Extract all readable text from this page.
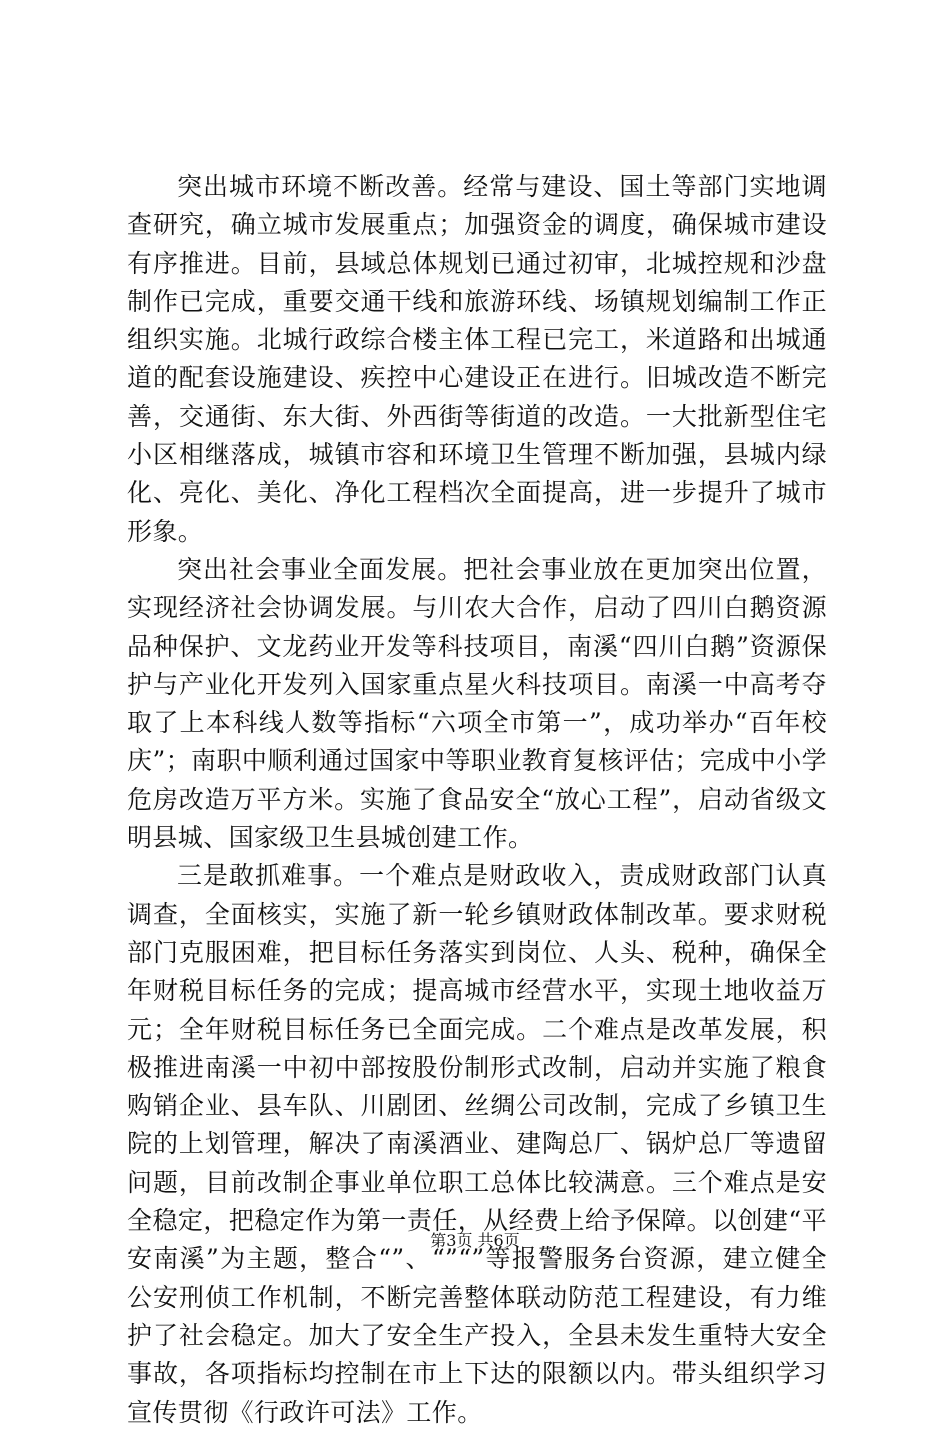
突出城市环境不断改善。经常与建设、国土等部门实地调查研究，确立城市发展重点；加强资金的调度，确保城市建设有序推进。目前，县域总体规划已通过初审，北城控规和沙盘制作已完成，重要交通干线和旅游环线、场镇规划编制工作正组织实施。北城行政综合楼主体工程已完工，米道路和出城通道的配套设施建设、疾控中心建设正在进行。旧城改造不断完善，交通街、东大街、外西街等街道的改造。一大批新型住宅小区相继落成，城镇市容和环境卫生管理不断加强，县城内绿化、亮化、美化、净化工程档次全面提高，进一步提升了城市形象。

突出社会事业全面发展。把社会事业放在更加突出位置，实现经济社会协调发展。与川农大合作，启动了四川白鹅资源品种保护、文龙药业开发等科技项目，南溪“四川白鹅”资源保护与产业化开发列入国家重点星火科技项目。南溪一中高考夺取了上本科线人数等指标“六项全市第一”，成功举办“百年校庆”；南职中顺利通过国家中等职业教育复核评估；完成中小学危房改造万平方米。实施了食品安全“放心工程”，启动省级文明县城、国家级卫生县城创建工作。

三是敢抓难事。一个难点是财政收入，责成财政部门认真调查，全面核实，实施了新一轮乡镇财政体制改革。要求财税部门克服困难，把目标任务落实到岗位、人头、税种，确保全年财税目标任务的完成；提高城市经营水平，实现土地收益万元；全年财税目标任务已全面完成。二个难点是改革发展，积极推进南溪一中初中部按股份制形式改制，启动并实施了粮食购销企业、县车队、川剧团、丝绸公司改制，完成了乡镇卫生院的上划管理，解决了南溪酒业、建陶总厂、锅炉总厂等遗留问题，目前改制企事业单位职工总体比较满意。三个难点是安全稳定，把稳定作为第一责任，从经费上给予保障。以创建“平安南溪”为主题，整合“”、“”“”等报警服务台资源，建立健全公安刑侦工作机制，不断完善整体联动防范工程建设，有力维护了社会稳定。加大了安全生产投入，全县未发生重特大安全事故，各项指标均控制在市上下达的限额以内。带头组织学习宣传贯彻《行政许可法》工作。

第3页 共6页
